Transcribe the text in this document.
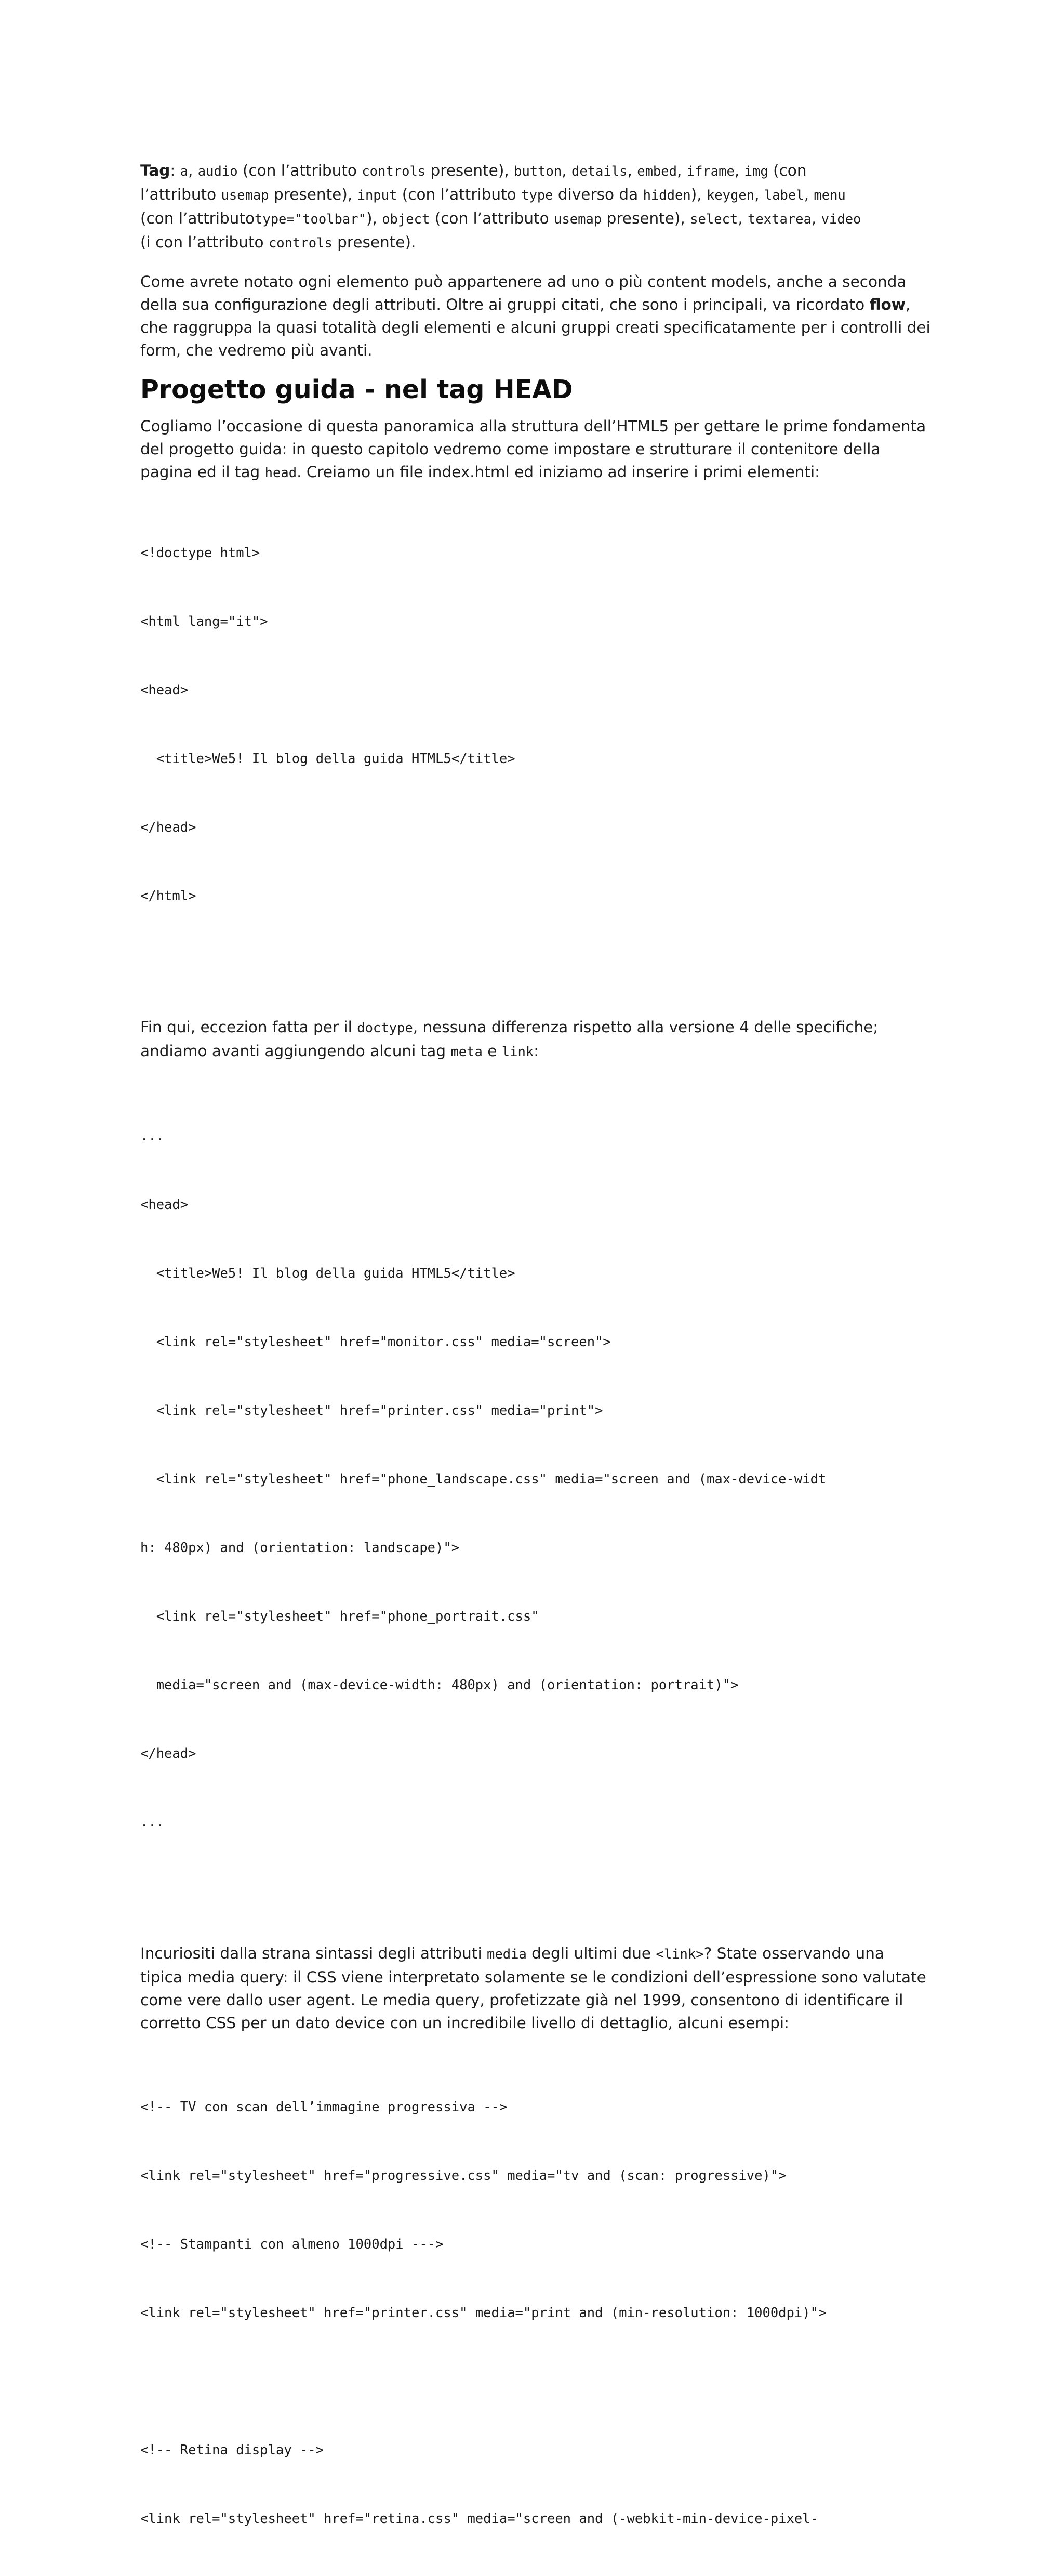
Tag: a, audio (con l’attributo controls presente), button, details, embed, iframe, img (con
l’attributo usemap presente), input (con l’attributo type diverso da hidden), keygen, label, menu
(con l’attributotype="toolbar"), object (con l’attributo usemap presente), select, textarea, video
(i con l’attributo controls presente).

Come avrete notato ogni elemento può appartenere ad uno o più content models, anche a seconda
della sua configurazione degli attributi. Oltre ai gruppi citati, che sono i principali, va ricordato flow,
che raggruppa la quasi totalità degli elementi e alcuni gruppi creati specificatamente per i controlli dei
form, che vedremo più avanti.

Progetto guida - nel tag HEAD

Cogliamo l’occasione di questa panoramica alla struttura dell’HTML5 per gettare le prime fondamenta
del progetto guida: in questo capitolo vedremo come impostare e strutturare il contenitore della
pagina ed il tag head. Creiamo un file index.html ed iniziamo ad inserire i primi elementi:

<!doctype html>

<html lang="it">

<head>

<title>We5! Il blog della guida HTML5</title>

</head>

</html>

Fin qui, eccezion fatta per il doctype, nessuna differenza rispetto alla versione 4 delle specifiche;
andiamo avanti aggiungendo alcuni tag meta e link:

...

<head>

<title>We5! Il blog della guida HTML5</title>

<link rel="stylesheet" href="monitor.css" media="screen">

<link rel="stylesheet" href="printer.css" media="print">

<link rel="stylesheet" href="phone_landscape.css" media="screen and (max-device-widt

h: 480px) and (orientation: landscape)">

<link rel="stylesheet" href="phone_portrait.css"

media="screen and (max-device-width: 480px) and (orientation: portrait)">

</head>

...

Incuriositi dalla strana sintassi degli attributi media degli ultimi due <link>? State osservando una
tipica media query: il CSS viene interpretato solamente se le condizioni dell’espressione sono valutate
come vere dallo user agent. Le media query, profetizzate già nel 1999, consentono di identificare il
corretto CSS per un dato device con un incredibile livello di dettaglio, alcuni esempi:

<!-- TV con scan dell’immagine progressiva -->

<link rel="stylesheet" href="progressive.css" media="tv and (scan: progressive)">

<!-- Stampanti con almeno 1000dpi --->

<link rel="stylesheet" href="printer.css" media="print and (min-resolution: 1000dpi)">

<!-- Retina display -->

<link rel="stylesheet" href="retina.css" media="screen and (-webkit-min-device-pixel-
